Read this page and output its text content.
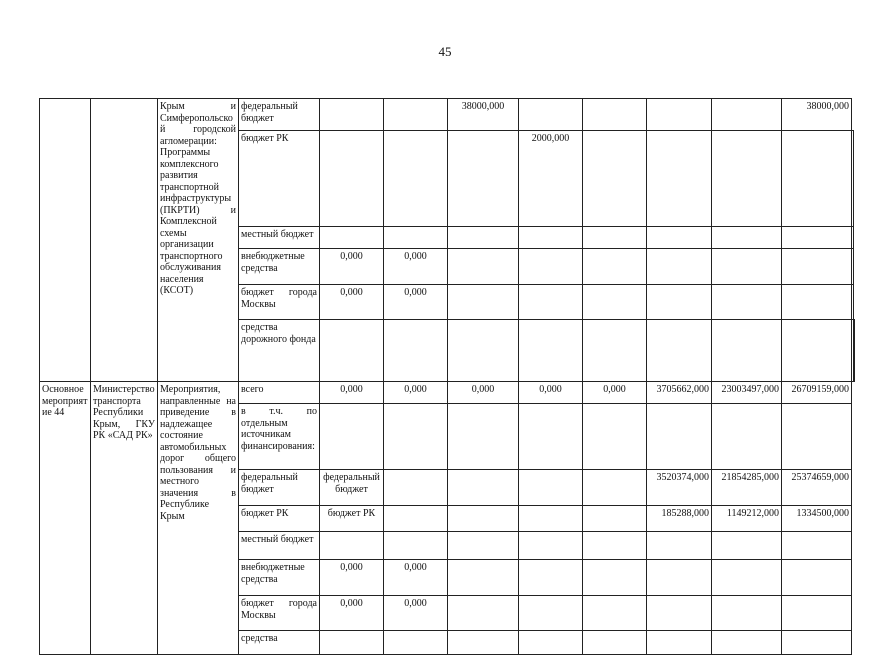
45
		Крым и Симферопольской городской агломерации: Программы комплексного развития транспортной инфраструктуры (ПКРТИ) и Комплексной схемы организации транспортного обслуживания населения (КСОТ)	федеральный бюджет			38000,000					38000,000		
			бюджет РК				2000,000					
			местный бюджет										
			внебюджетные средства	0,000	0,000								
			бюджет города Москвы	0,000	0,000								
			средства дорожного фонда										
Основное мероприятие 44	Министерство транспорта Республики Крым, ГКУ РК «САД РК»	Мероприятия, направленные на приведение в надлежащее состояние автомобильных дорог общего пользования и местного значения в Республике Крым	всего	0,000	0,000	0,000	0,000	0,000	3705662,000	23003497,000	26709159,000		
			в т.ч. по отдельным источникам финансирования:										
			федеральный бюджет	федеральный бюджет					3520374,000	21854285,000	25374659,000		
			бюджет РК	бюджет РК					185288,000	1149212,000	1334500,000		
			местный бюджет										
			внебюджетные средства	0,000	0,000								
			бюджет города Москвы	0,000	0,000								
			средства										
